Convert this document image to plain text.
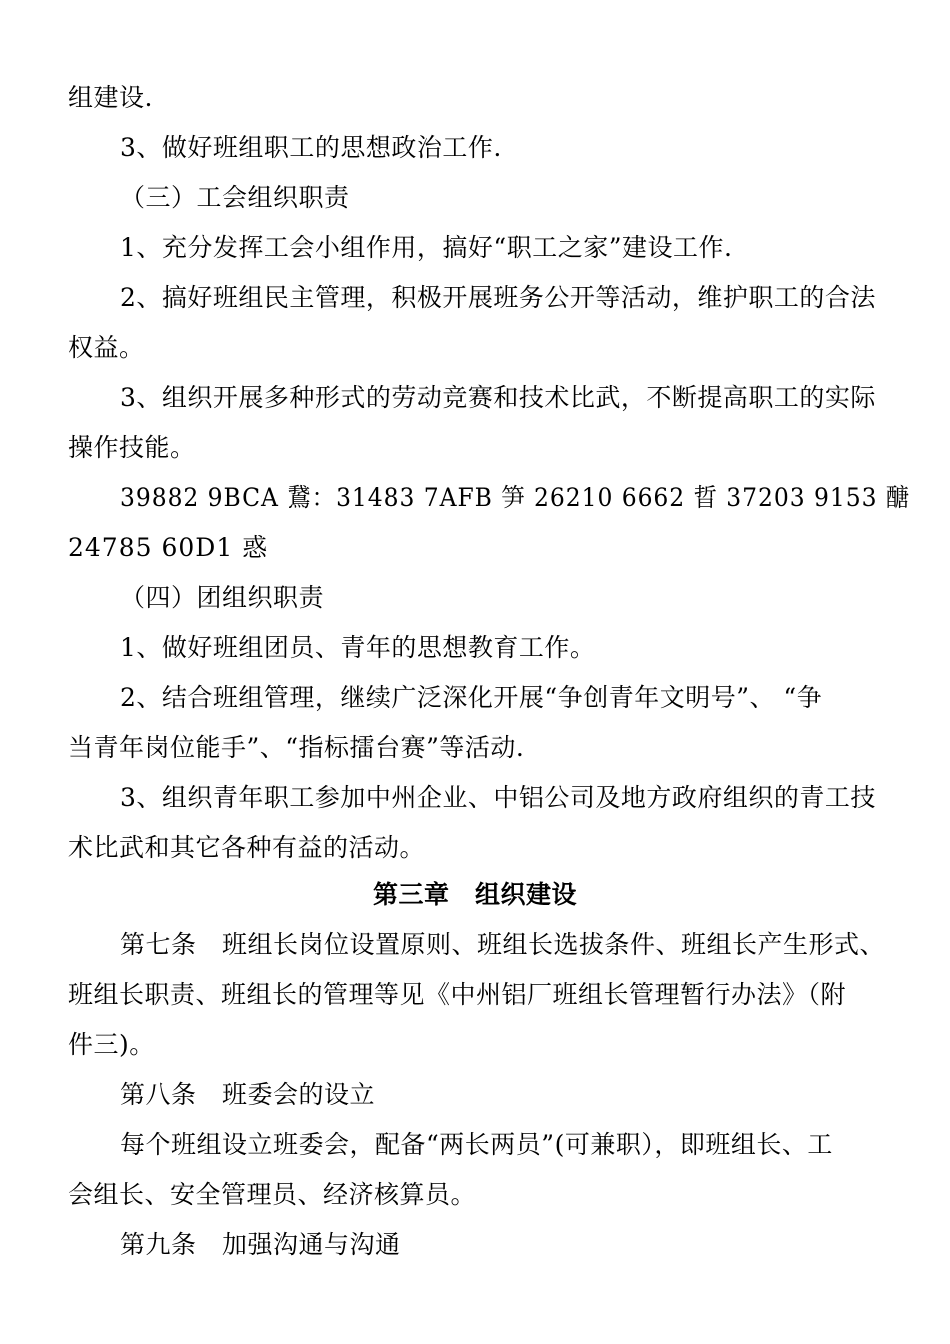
组建设.
3、做好班组职工的思想政治工作.
（三）工会组织职责
1、充分发挥工会小组作用，搞好“职工之家”建设工作.
2、搞好班组民主管理，积极开展班务公开等活动，维护职工的合法
权益。
3、组织开展多种形式的劳动竞赛和技术比武，不断提高职工的实际
操作技能。
39882 9BCA 鵞：31483 7AFB 笋 26210 6662 晢 37203 9153 醣
24785 60D1 惑
（四）团组织职责
1、做好班组团员、青年的思想教育工作。
2、结合班组管理，继续广泛深化开展“争创青年文明号”、 “争
当青年岗位能手”、“指标擂台赛”等活动.
3、组织青年职工参加中州企业、中铝公司及地方政府组织的青工技
术比武和其它各种有益的活动。
第三章　组织建设
第七条　班组长岗位设置原则、班组长选拔条件、班组长产生形式、
班组长职责、班组长的管理等见《中州铝厂班组长管理暂行办法》（附
件三)。
第八条　班委会的设立
每个班组设立班委会，配备“两长两员”(可兼职），即班组长、工
会组长、安全管理员、经济核算员。
第九条　加强沟通与沟通
